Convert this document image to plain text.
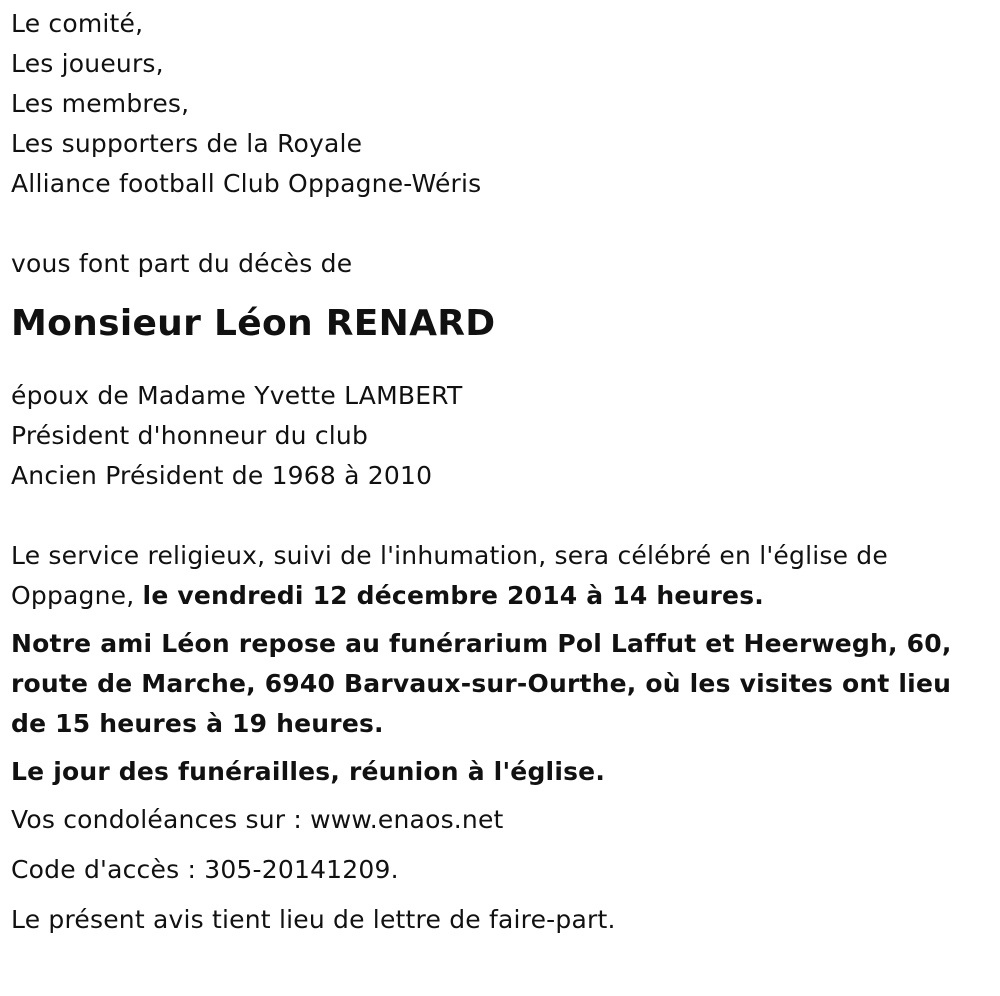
Le comité,
Les joueurs,
Les membres,
Les supporters de la Royale
Alliance football Club Oppagne-Wéris
vous font part du décès de
Monsieur Léon RENARD
époux de Madame Yvette LAMBERT
Président d'honneur du club
Ancien Président de 1968 à 2010
Le service religieux, suivi de l'inhumation, sera célébré en l'église de Oppagne, le vendredi 12 décembre 2014 à 14 heures.
Notre ami Léon repose au funérarium Pol Laffut et Heerwegh, 60, route de Marche, 6940 Barvaux-sur-Ourthe, où les visites ont lieu de 15 heures à 19 heures.
Le jour des funérailles, réunion à l'église.
Vos condoléances sur : www.enaos.net
Code d'accès : 305-20141209.
Le présent avis tient lieu de lettre de faire-part.
